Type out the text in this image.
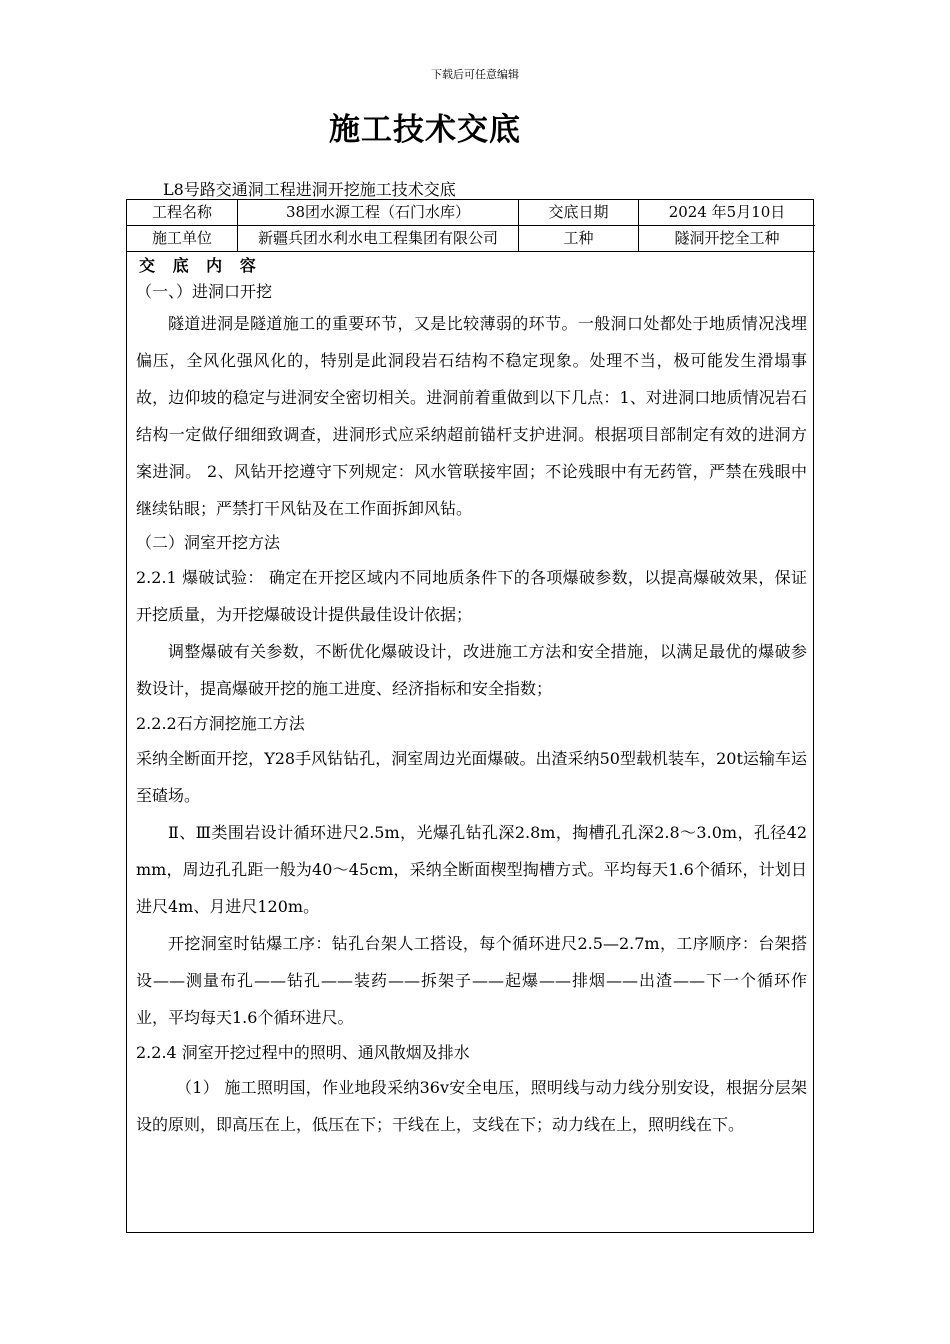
下载后可任意编辑
施工技术交底
L8号路交通洞工程进洞开挖施工技术交底
工程名称	38团水源工程（石门水库）	交底日期	2024 年5月10日
施工单位	新疆兵团水利水电工程集团有限公司	工种	隧洞开挖全工种
交 底 内 容

（一、）进洞口开挖

隧道进洞是隧道施工的重要环节，又是比较薄弱的环节。一般洞口处都处于地质情况浅埋偏压，全风化强风化的，特别是此洞段岩石结构不稳定现象。处理不当，极可能发生滑塌事故，边仰坡的稳定与进洞安全密切相关。进洞前着重做到以下几点：1、对进洞口地质情况岩石结构一定做仔细细致调查，进洞形式应采纳超前锚杆支护进洞。根据项目部制定有效的进洞方案进洞。 2、风钻开挖遵守下列规定：风水管联接牢固；不论残眼中有无药管，严禁在残眼中继续钻眼；严禁打干风钻及在工作面拆卸风钻。

（二）洞室开挖方法

2.2.1 爆破试验： 确定在开挖区域内不同地质条件下的各项爆破参数，以提高爆破效果，保证开挖质量，为开挖爆破设计提供最佳设计依据；

调整爆破有关参数，不断优化爆破设计，改进施工方法和安全措施，以满足最优的爆破参数设计，提高爆破开挖的施工进度、经济指标和安全指数；

2.2.2石方洞挖施工方法

采纳全断面开挖，Y28手风钻钻孔，洞室周边光面爆破。出渣采纳50型载机装车，20t运输车运至碴场。

Ⅱ、Ⅲ类围岩设计循环进尺2.5m，光爆孔钻孔深2.8m，掏槽孔孔深2.8～3.0m，孔径42 mm，周边孔孔距一般为40～45cm，采纳全断面楔型掏槽方式。平均每天1.6个循环，计划日进尺4m、月进尺120m。

开挖洞室时钻爆工序：钻孔台架人工搭设，每个循环进尺2.5—2.7m，工序顺序：台架搭设——测量布孔——钻孔——装药——拆架子——起爆——排烟——出渣——下一个循环作业，平均每天1.6个循环进尺。

2.2.4 洞室开挖过程中的照明、通风散烟及排水

（1） 施工照明国，作业地段采纳36v安全电压，照明线与动力线分别安设，根据分层架设的原则，即高压在上，低压在下；干线在上，支线在下；动力线在上，照明线在下。
